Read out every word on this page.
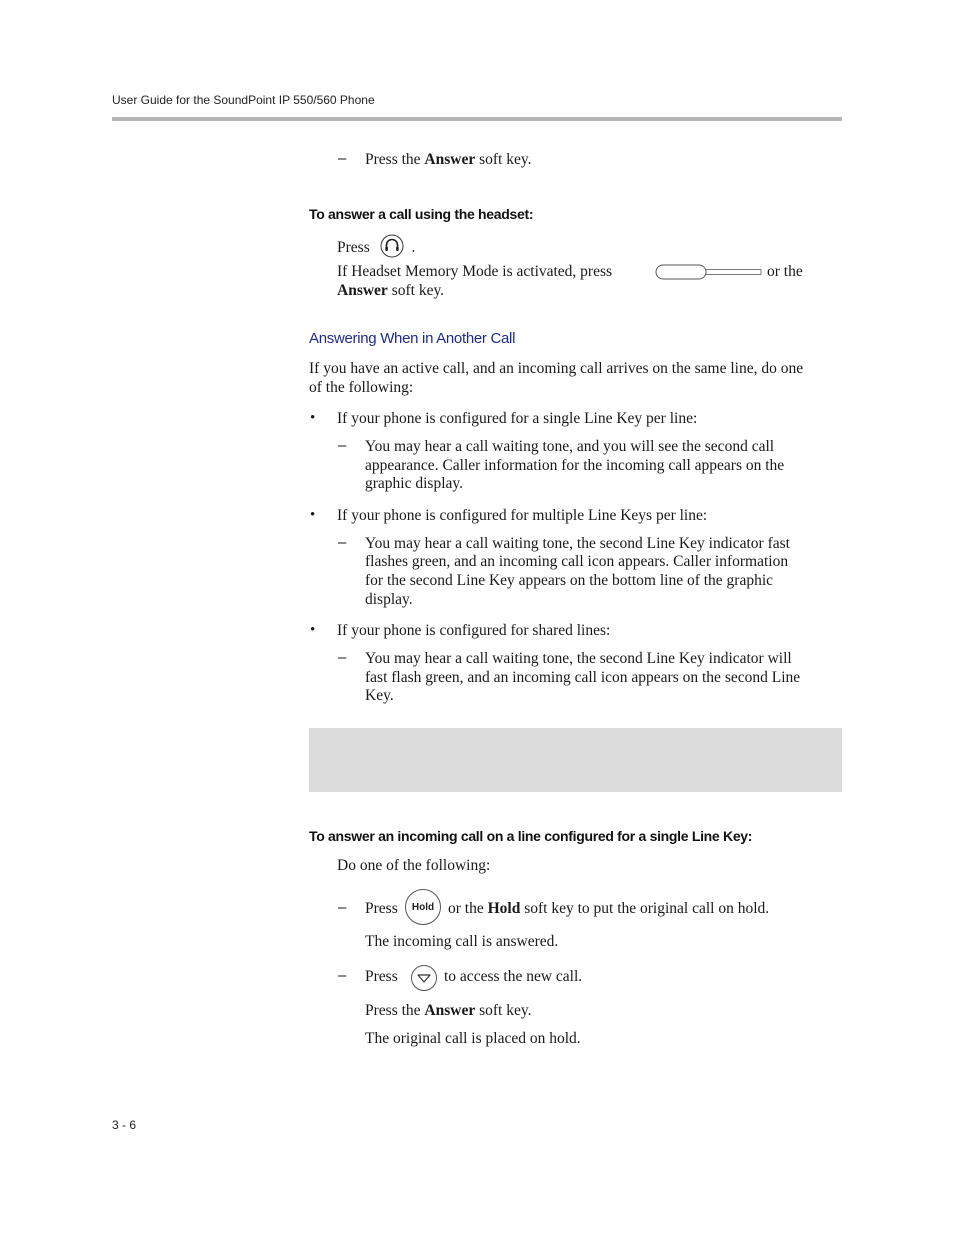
User Guide for the SoundPoint IP 550/560 Phone
– Press the Answer soft key.
To answer a call using the headset:
Press	.
If Headset Memory Mode is activated, press	or the
Answer soft key.
Answering When in Another Call
If you have an active call, and an incoming call arrives on the same line, do one
of the following:
• If your phone is configured for a single Line Key per line:
– You may hear a call waiting tone, and you will see the second call
appearance. Caller information for the incoming call appears on the
graphic display.
• If your phone is configured for multiple Line Keys per line:
– You may hear a call waiting tone, the second Line Key indicator fast
flashes green, and an incoming call icon appears. Caller information
for the second Line Key appears on the bottom line of the graphic
display.
• If your phone is configured for shared lines:
– You may hear a call waiting tone, the second Line Key indicator will
fast flash green, and an incoming call icon appears on the second Line
Key.
To answer an incoming call on a line configured for a single Line Key:
Do one of the following:
– Press Hold or the Hold soft key to put the original call on hold.
The incoming call is answered.
– Press	to access the new call.
Press the Answer soft key.
The original call is placed on hold.
3 - 6
